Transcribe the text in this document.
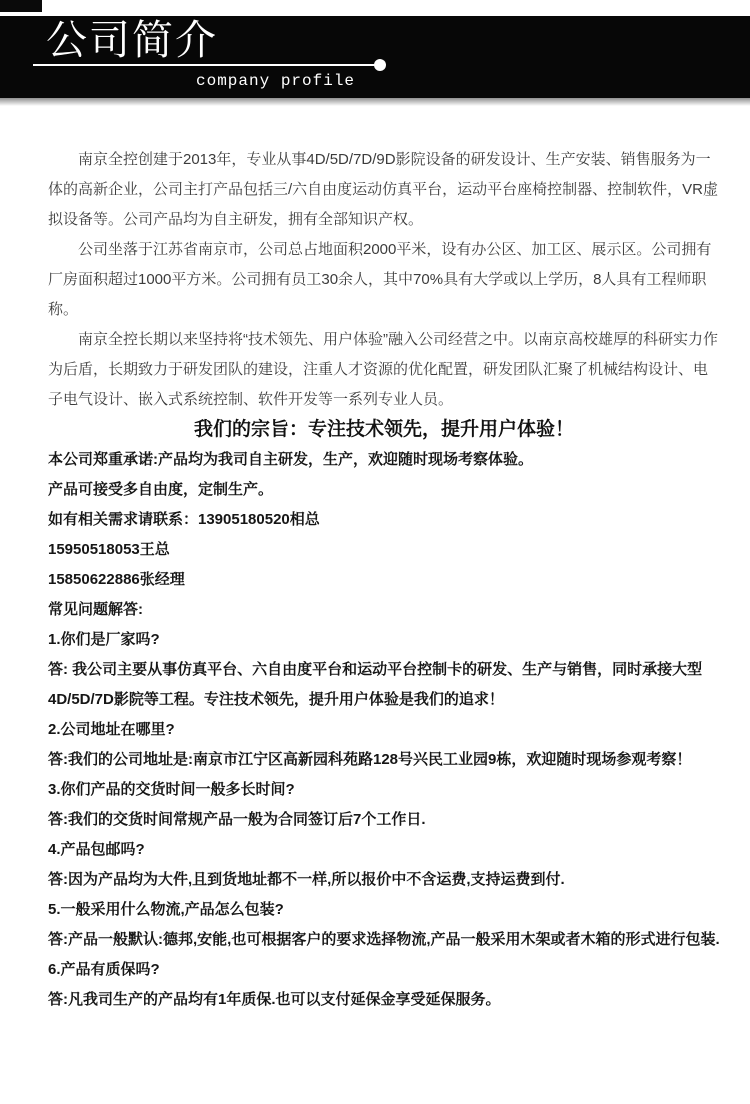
公司简介
company profile

南京全控创建于2013年，专业从事4D/5D/7D/9D影院设备的研发设计、生产安装、销售服务为一体的高新企业，公司主打产品包括三/六自由度运动仿真平台，运动平台座椅控制器、控制软件，VR虚拟设备等。公司产品均为自主研发，拥有全部知识产权。

公司坐落于江苏省南京市，公司总占地面积2000平米，设有办公区、加工区、展示区。公司拥有厂房面积超过1000平方米。公司拥有员工30余人，其中70%具有大学或以上学历，8人具有工程师职称。

南京全控长期以来坚持将“技术领先、用户体验”融入公司经营之中。以南京高校雄厚的科研实力作为后盾，长期致力于研发团队的建设，注重人才资源的优化配置，研发团队汇聚了机械结构设计、电子电气设计、嵌入式系统控制、软件开发等一系列专业人员。

我们的宗旨：专注技术领先，提升用户体验！

本公司郑重承诺:产品均为我司自主研发，生产，欢迎随时现场考察体验。

产品可接受多自由度，定制生产。

如有相关需求请联系：13905180520相总

15950518053王总

15850622886张经理

常见问题解答:

1.你们是厂家吗?

答: 我公司主要从事仿真平台、六自由度平台和运动平台控制卡的研发、生产与销售，同时承接大型4D/5D/7D影院等工程。专注技术领先，提升用户体验是我们的追求！

2.公司地址在哪里?

答:我们的公司地址是:南京市江宁区高新园科苑路128号兴民工业园9栋，欢迎随时现场参观考察！

3.你们产品的交货时间一般多长时间?

答:我们的交货时间常规产品一般为合同签订后7个工作日.

4.产品包邮吗?

答:因为产品均为大件,且到货地址都不一样,所以报价中不含运费,支持运费到付.

5.一般采用什么物流,产品怎么包装?

答:产品一般默认:德邦,安能,也可根据客户的要求选择物流,产品一般采用木架或者木箱的形式进行包装.

6.产品有质保吗?

答:凡我司生产的产品均有1年质保.也可以支付延保金享受延保服务。
